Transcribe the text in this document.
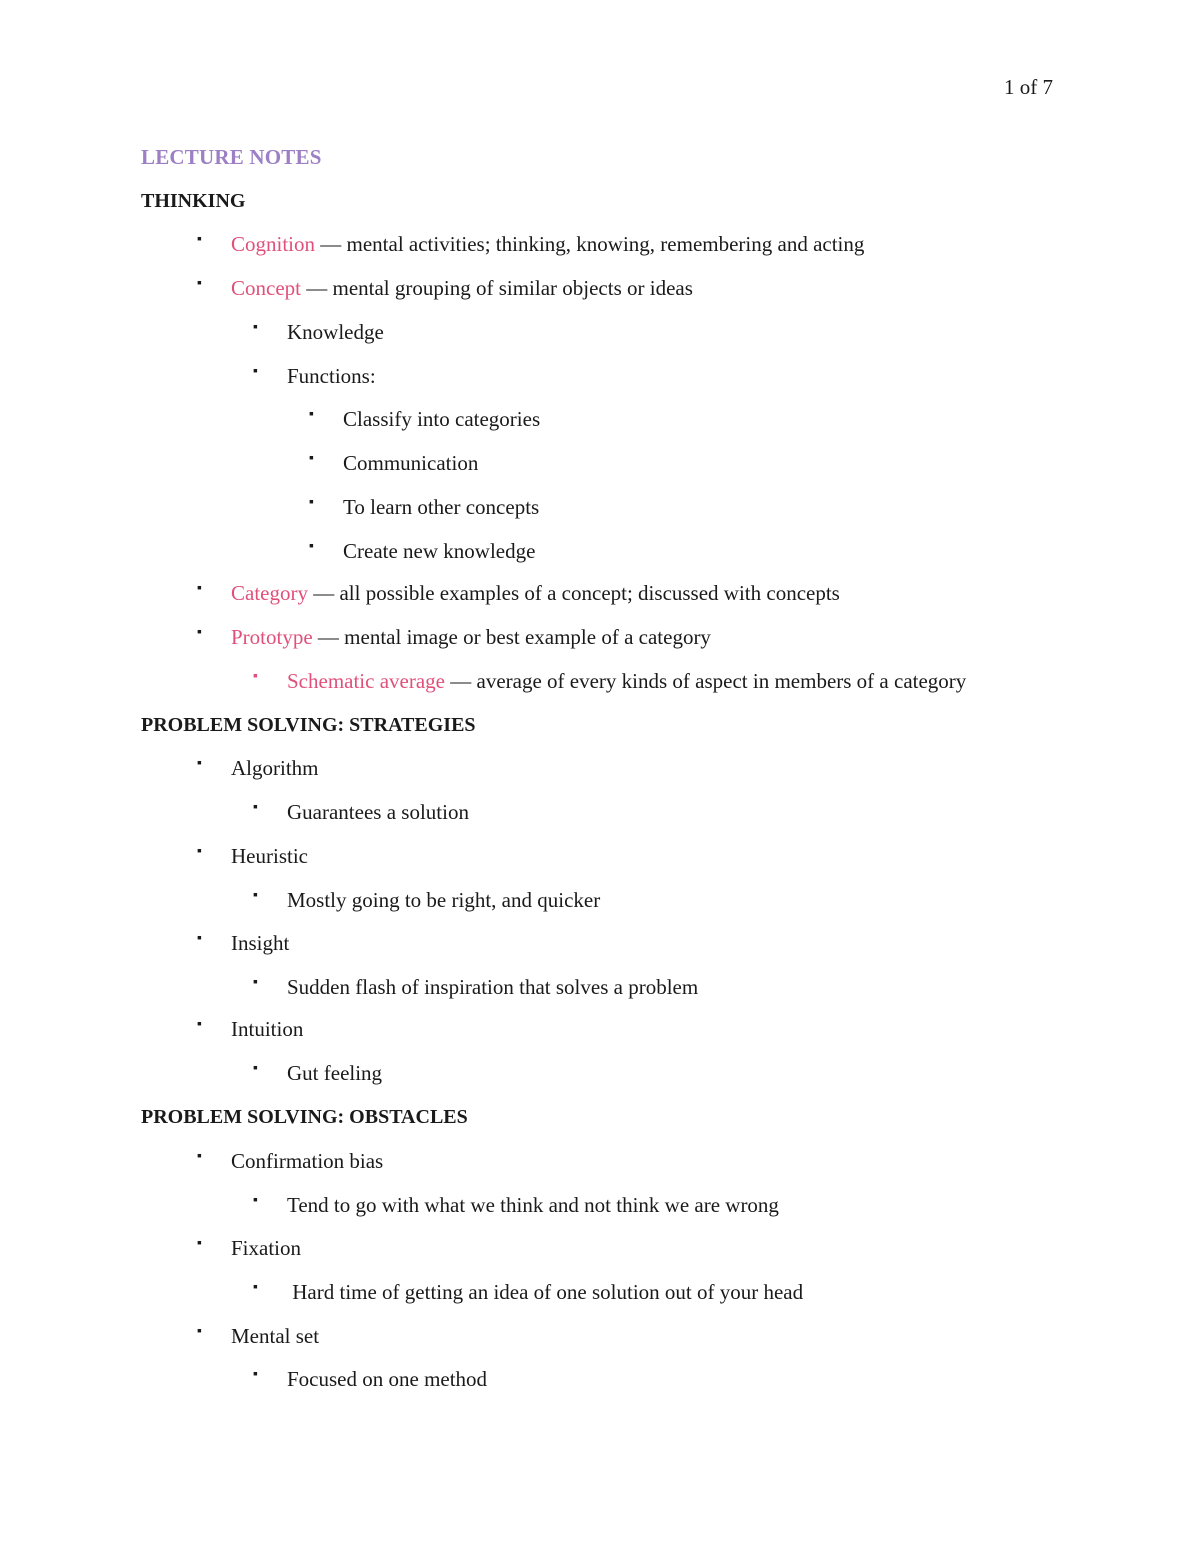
1 of 7
LECTURE NOTES
THINKING
▪ Cognition — mental activities; thinking, knowing, remembering and acting
▪ Concept — mental grouping of similar objects or ideas
▪ Knowledge
▪ Functions:
▪ Classify into categories
▪ Communication
▪ To learn other concepts
▪ Create new knowledge
▪ Category — all possible examples of a concept; discussed with concepts
▪ Prototype — mental image or best example of a category
▪ Schematic average — average of every kinds of aspect in members of a category
PROBLEM SOLVING: STRATEGIES
▪ Algorithm
▪ Guarantees a solution
▪ Heuristic
▪ Mostly going to be right, and quicker
▪ Insight
▪ Sudden flash of inspiration that solves a problem
▪ Intuition
▪ Gut feeling
PROBLEM SOLVING: OBSTACLES
▪ Confirmation bias
▪ Tend to go with what we think and not think we are wrong
▪ Fixation
▪ Hard time of getting an idea of one solution out of your head
▪ Mental set
▪ Focused on one method
